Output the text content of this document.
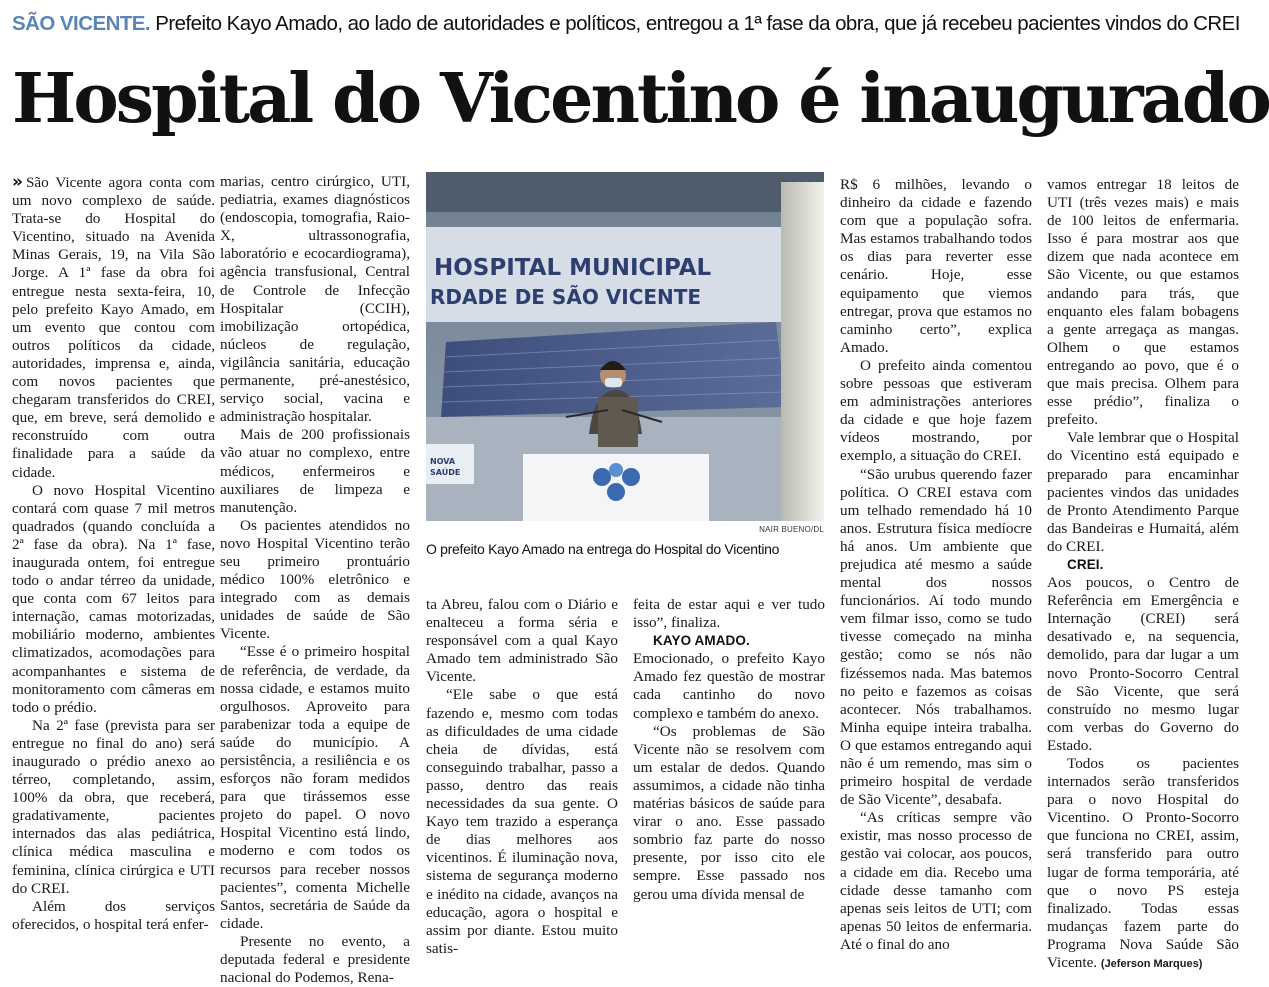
SÃO VICENTE. Prefeito Kayo Amado, ao lado de autoridades e políticos, entregou a 1ª fase da obra, que já recebeu pacientes vindos do CREI
Hospital do Vicentino é inaugurado

» São Vicente agora conta com um novo complexo de saúde. Trata-se do Hospital do Vicentino, situado na Avenida Minas Gerais, 19, na Vila São Jorge. A 1ª fase da obra foi entregue nesta sexta-feira, 10, pelo prefeito Kayo Amado, em um evento que contou com outros políticos da cidade, autoridades, imprensa e, ainda, com novos pacientes que chegaram transferidos do CREI, que, em breve, será demolido e reconstruído com outra finalidade para a saúde da cidade.

O novo Hospital Vicentino contará com quase 7 mil metros quadrados (quando concluída a 2ª fase da obra). Na 1ª fase, inaugurada ontem, foi entregue todo o andar térreo da unidade, que conta com 67 leitos para internação, camas motorizadas, mobiliário moderno, ambientes climatizados, acomodações para acompanhantes e sistema de monitoramento com câmeras em todo o prédio.

Na 2ª fase (prevista para ser entregue no final do ano) será inaugurado o prédio anexo ao térreo, completando, assim, 100% da obra, que receberá, gradativamente, pacientes internados das alas pediátrica, clínica médica masculina e feminina, clínica cirúrgica e UTI do CREI.

Além dos serviços oferecidos, o hospital terá enfer-

marias, centro cirúrgico, UTI, pediatria, exames diagnósticos (endoscopia, tomografia, Raio-X, ultrassonografia, laboratório e ecocardiograma), agência transfusional, Central de Controle de Infecção Hospitalar (CCIH), imobilização ortopédica, núcleos de regulação, vigilância sanitária, educação permanente, pré-anestésico, serviço social, vacina e administração hospitalar.

Mais de 200 profissionais vão atuar no complexo, entre médicos, enfermeiros e auxiliares de limpeza e manutenção.

Os pacientes atendidos no novo Hospital Vicentino terão seu primeiro prontuário médico 100% eletrônico e integrado com as demais unidades de saúde de São Vicente.

“Esse é o primeiro hospital de referência, de verdade, da nossa cidade, e estamos muito orgulhosos. Aproveito para parabenizar toda a equipe de saúde do município. A persistência, a resiliência e os esforços não foram medidos para que tirássemos esse projeto do papel. O novo Hospital Vicentino está lindo, moderno e com todos os recursos para receber nossos pacientes”, comenta Michelle Santos, secretária de Saúde da cidade.

Presente no evento, a deputada federal e presidente nacional do Podemos, Rena-

HOSPITAL MUNICIPAL
RDADE DE SÃO VICENTE
NOVA
SAÚDE
NAIR BUENO/DL
O prefeito Kayo Amado na entrega do Hospital do Vicentino

ta Abreu, falou com o Diário e enalteceu a forma séria e responsável com a qual Kayo Amado tem administrado São Vicente.

“Ele sabe o que está fazendo e, mesmo com todas as dificuldades de uma cidade cheia de dívidas, está conseguindo trabalhar, passo a passo, dentro das reais necessidades da sua gente. O Kayo tem trazido a esperança de dias melhores aos vicentinos. É iluminação nova, sistema de segurança moderno e inédito na cidade, avanços na educação, agora o hospital e assim por diante. Estou muito satis-

feita de estar aqui e ver tudo isso”, finaliza.

KAYO AMADO.

Emocionado, o prefeito Kayo Amado fez questão de mostrar cada cantinho do novo complexo e também do anexo.

“Os problemas de São Vicente não se resolvem com um estalar de dedos. Quando assumimos, a cidade não tinha matérias básicos de saúde para virar o ano. Esse passado sombrio faz parte do nosso presente, por isso cito ele sempre. Esse passado nos gerou uma dívida mensal de

R$ 6 milhões, levando o dinheiro da cidade e fazendo com que a população sofra. Mas estamos trabalhando todos os dias para reverter esse cenário. Hoje, esse equipamento que viemos entregar, prova que estamos no caminho certo”, explica Amado.

O prefeito ainda comentou sobre pessoas que estiveram em administrações anteriores da cidade e que hoje fazem vídeos mostrando, por exemplo, a situação do CREI.

“São urubus querendo fazer política. O CREI estava com um telhado remendado há 10 anos. Estrutura física medíocre há anos. Um ambiente que prejudica até mesmo a saúde mental dos nossos funcionários. Aí todo mundo vem filmar isso, como se tudo tivesse começado na minha gestão; como se nós não fizéssemos nada. Mas batemos no peito e fazemos as coisas acontecer. Nós trabalhamos. Minha equipe inteira trabalha. O que estamos entregando aqui não é um remendo, mas sim o primeiro hospital de verdade de São Vicente”, desabafa.

“As críticas sempre vão existir, mas nosso processo de gestão vai colocar, aos poucos, a cidade em dia. Recebo uma cidade desse tamanho com apenas seis leitos de UTI; com apenas 50 leitos de enfermaria. Até o final do ano

vamos entregar 18 leitos de UTI (três vezes mais) e mais de 100 leitos de enfermaria. Isso é para mostrar aos que dizem que nada acontece em São Vicente, ou que estamos andando para trás, que enquanto eles falam bobagens a gente arregaça as mangas. Olhem o que estamos entregando ao povo, que é o que mais precisa. Olhem para esse prédio”, finaliza o prefeito.

Vale lembrar que o Hospital do Vicentino está equipado e preparado para encaminhar pacientes vindos das unidades de Pronto Atendimento Parque das Bandeiras e Humaitá, além do CREI.

CREI.

Aos poucos, o Centro de Referência em Emergência e Internação (CREI) será desativado e, na sequencia, demolido, para dar lugar a um novo Pronto-Socorro Central de São Vicente, que será construído no mesmo lugar com verbas do Governo do Estado.

Todos os pacientes internados serão transferidos para o novo Hospital do Vicentino. O Pronto-Socorro que funciona no CREI, assim, será transferido para outro lugar de forma temporária, até que o novo PS esteja finalizado. Todas essas mudanças fazem parte do Programa Nova Saúde São Vicente. (Jeferson Marques)
